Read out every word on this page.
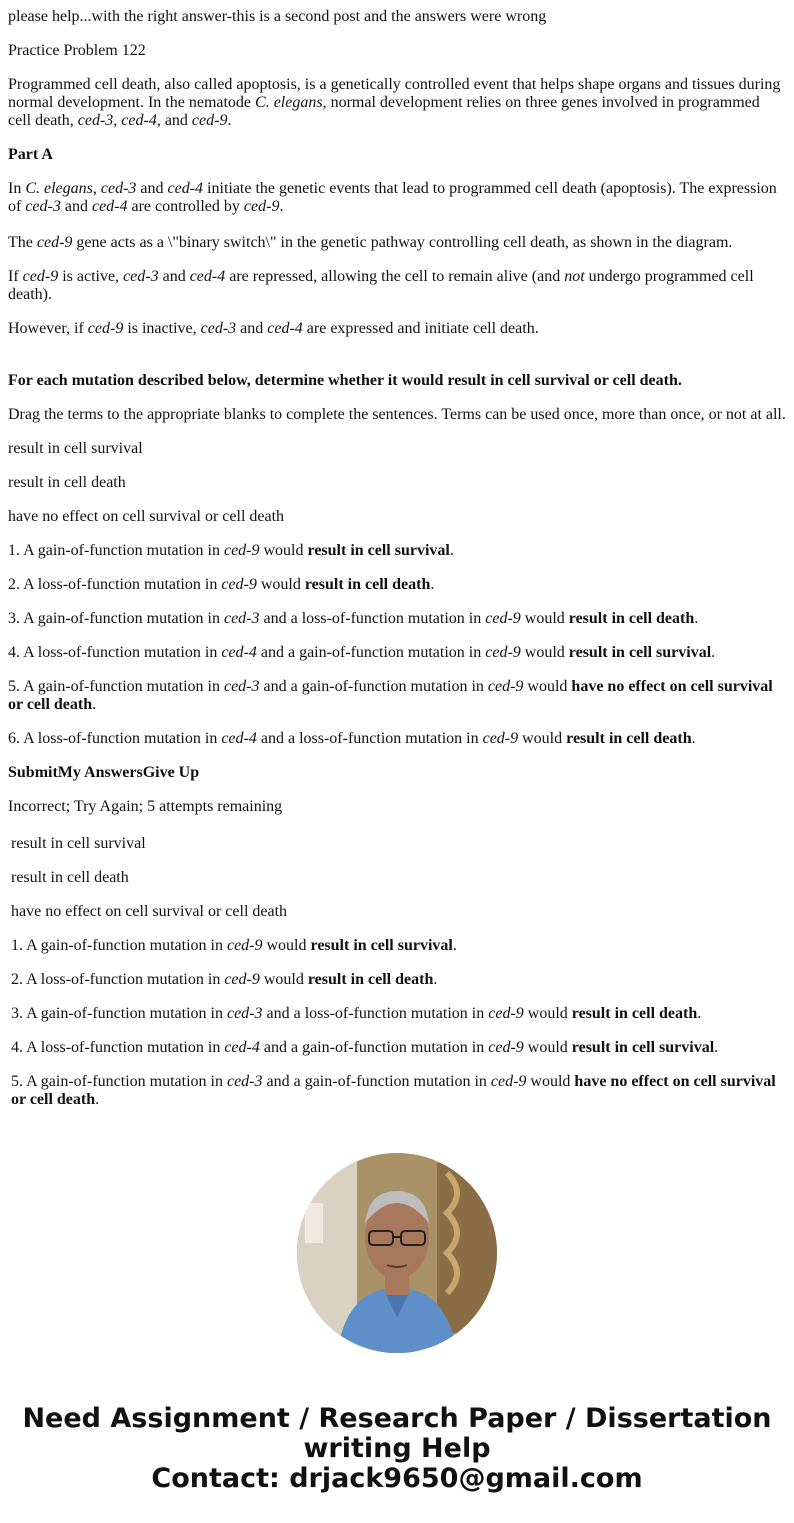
please help...with the right answer-this is a second post and the answers were wrong

Practice Problem 122

Programmed cell death, also called apoptosis, is a genetically controlled event that helps shape organs and tissues during normal development. In the nematode C. elegans, normal development relies on three genes involved in programmed cell death, ced-3, ced-4, and ced-9.

Part A

In C. elegans, ced-3 and ced-4 initiate the genetic events that lead to programmed cell death (apoptosis). The expression of ced-3 and ced-4 are controlled by ced-9.

The ced-9 gene acts as a \"binary switch\" in the genetic pathway controlling cell death, as shown in the diagram.

If ced-9 is active, ced-3 and ced-4 are repressed, allowing the cell to remain alive (and not undergo programmed cell death).

However, if ced-9 is inactive, ced-3 and ced-4 are expressed and initiate cell death.

For each mutation described below, determine whether it would result in cell survival or cell death.

Drag the terms to the appropriate blanks to complete the sentences. Terms can be used once, more than once, or not at all.

result in cell survival

result in cell death

have no effect on cell survival or cell death

1. A gain-of-function mutation in ced-9 would result in cell survival.

2. A loss-of-function mutation in ced-9 would result in cell death.

3. A gain-of-function mutation in ced-3 and a loss-of-function mutation in ced-9 would result in cell death.

4. A loss-of-function mutation in ced-4 and a gain-of-function mutation in ced-9 would result in cell survival.

5. A gain-of-function mutation in ced-3 and a gain-of-function mutation in ced-9 would have no effect on cell survival or cell death.

6. A loss-of-function mutation in ced-4 and a loss-of-function mutation in ced-9 would result in cell death.

SubmitMy AnswersGive Up

Incorrect; Try Again; 5 attempts remaining

result in cell survival

result in cell death

have no effect on cell survival or cell death

1. A gain-of-function mutation in ced-9 would result in cell survival.

2. A loss-of-function mutation in ced-9 would result in cell death.

3. A gain-of-function mutation in ced-3 and a loss-of-function mutation in ced-9 would result in cell death.

4. A loss-of-function mutation in ced-4 and a gain-of-function mutation in ced-9 would result in cell survival.

5. A gain-of-function mutation in ced-3 and a gain-of-function mutation in ced-9 would have no effect on cell survival or cell death.

Need Assignment / Research Paper / Dissertation
writing Help
Contact: drjack9650@gmail.com
